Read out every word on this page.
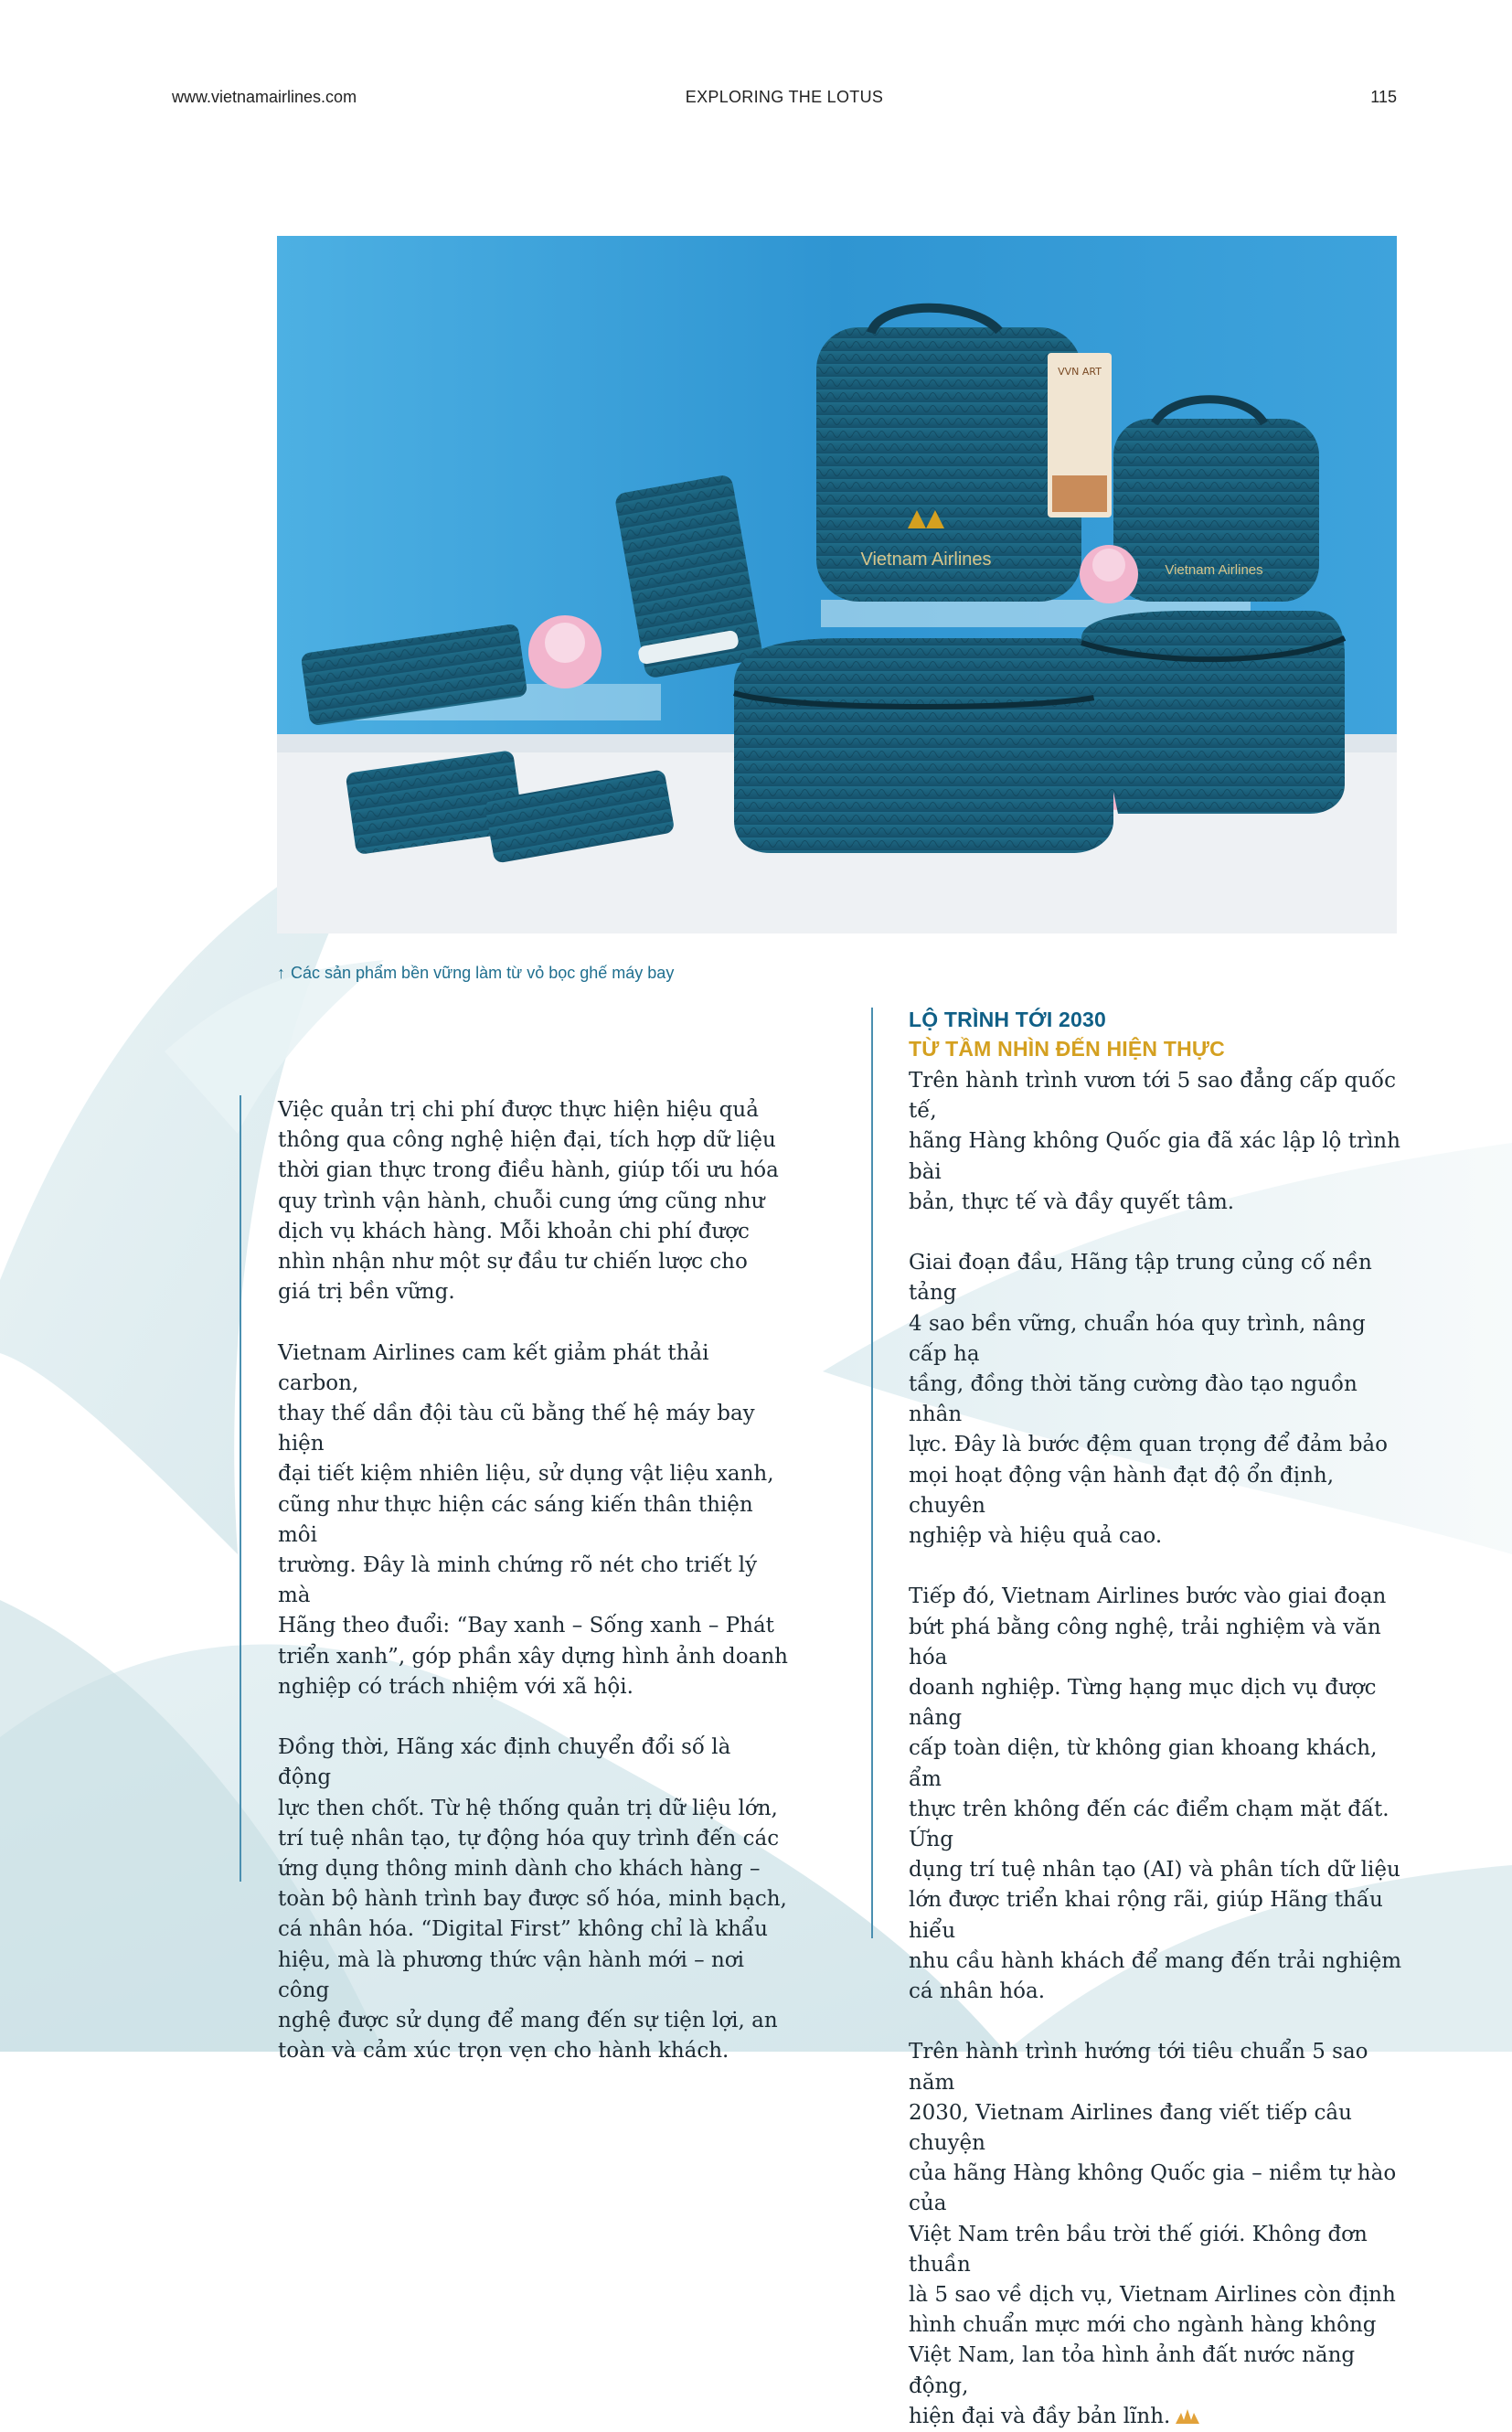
www.vietnamairlines.com	EXPLORING THE LOTUS	115
VVN ART
Vietnam Airlines
Vietnam Airlines
↑ Các sản phẩm bền vững làm từ vỏ bọc ghế máy bay

Việc quản trị chi phí được thực hiện hiệu quả
thông qua công nghệ hiện đại, tích hợp dữ liệu
thời gian thực trong điều hành, giúp tối ưu hóa
quy trình vận hành, chuỗi cung ứng cũng như
dịch vụ khách hàng. Mỗi khoản chi phí được
nhìn nhận như một sự đầu tư chiến lược cho
giá trị bền vững.

Vietnam Airlines cam kết giảm phát thải carbon,
thay thế dần đội tàu cũ bằng thế hệ máy bay hiện
đại tiết kiệm nhiên liệu, sử dụng vật liệu xanh,
cũng như thực hiện các sáng kiến thân thiện môi
trường. Đây là minh chứng rõ nét cho triết lý mà
Hãng theo đuổi: “Bay xanh – Sống xanh – Phát
triển xanh”, góp phần xây dựng hình ảnh doanh
nghiệp có trách nhiệm với xã hội.

Đồng thời, Hãng xác định chuyển đổi số là động
lực then chốt. Từ hệ thống quản trị dữ liệu lớn,
trí tuệ nhân tạo, tự động hóa quy trình đến các
ứng dụng thông minh dành cho khách hàng –
toàn bộ hành trình bay được số hóa, minh bạch,
cá nhân hóa. “Digital First” không chỉ là khẩu
hiệu, mà là phương thức vận hành mới – nơi công
nghệ được sử dụng để mang đến sự tiện lợi, an
toàn và cảm xúc trọn vẹn cho hành khách.

LỘ TRÌNH TỚI 2030
TỪ TẦM NHÌN ĐẾN HIỆN THỰC

Trên hành trình vươn tới 5 sao đẳng cấp quốc tế,
hãng Hàng không Quốc gia đã xác lập lộ trình bài
bản, thực tế và đầy quyết tâm.

Giai đoạn đầu, Hãng tập trung củng cố nền tảng
4 sao bền vững, chuẩn hóa quy trình, nâng cấp hạ
tầng, đồng thời tăng cường đào tạo nguồn nhân
lực. Đây là bước đệm quan trọng để đảm bảo
mọi hoạt động vận hành đạt độ ổn định, chuyên
nghiệp và hiệu quả cao.

Tiếp đó, Vietnam Airlines bước vào giai đoạn
bứt phá bằng công nghệ, trải nghiệm và văn hóa
doanh nghiệp. Từng hạng mục dịch vụ được nâng
cấp toàn diện, từ không gian khoang khách, ẩm
thực trên không đến các điểm chạm mặt đất. Ứng
dụng trí tuệ nhân tạo (AI) và phân tích dữ liệu
lớn được triển khai rộng rãi, giúp Hãng thấu hiểu
nhu cầu hành khách để mang đến trải nghiệm
cá nhân hóa.

Trên hành trình hướng tới tiêu chuẩn 5 sao năm
2030, Vietnam Airlines đang viết tiếp câu chuyện
của hãng Hàng không Quốc gia – niềm tự hào của
Việt Nam trên bầu trời thế giới. Không đơn thuần
là 5 sao về dịch vụ, Vietnam Airlines còn định
hình chuẩn mực mới cho ngành hàng không
Việt Nam, lan tỏa hình ảnh đất nước năng động,
hiện đại và đầy bản lĩnh.
